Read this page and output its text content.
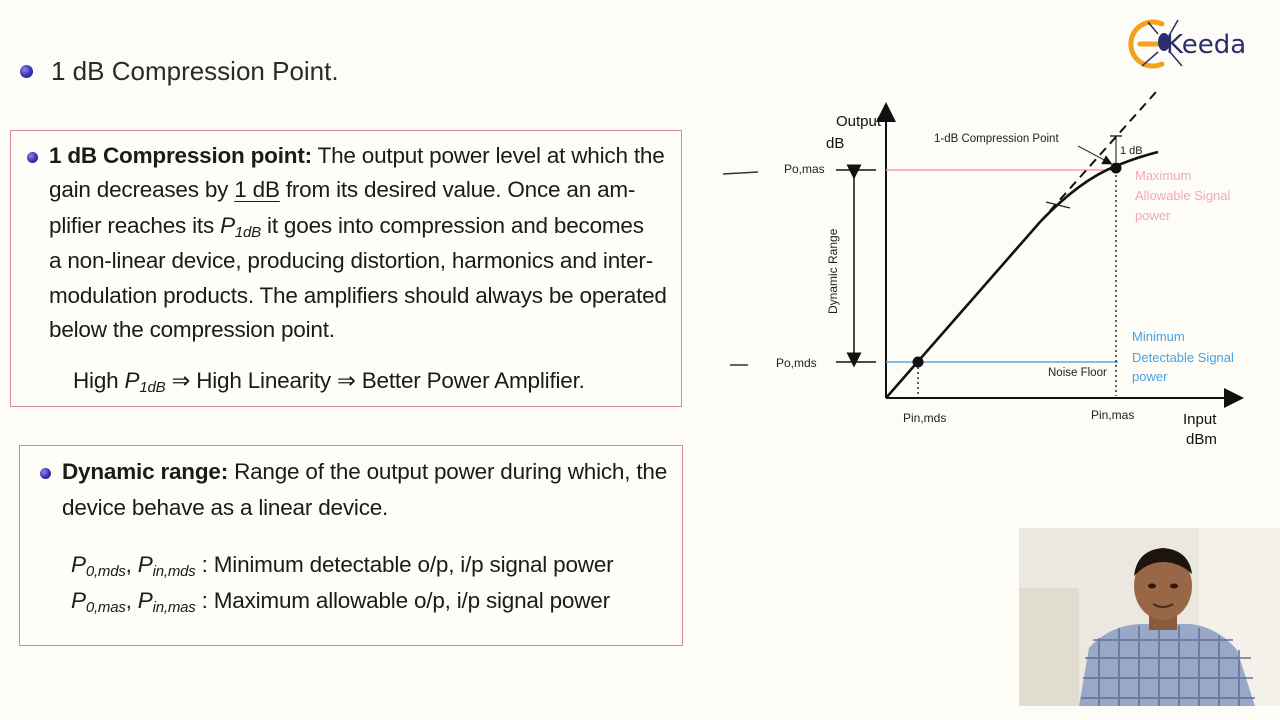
1 dB Compression Point.
1 dB Compression point: The output power level at which the
gain decreases by 1 dB from its desired value. Once an am-
plifier reaches its $P_{1dB}$ it goes into compression and becomes
a non-linear device, producing distortion, harmonics and inter-
modulation products. The amplifiers should always be operated
below the compression point.
High $P_{1dB}$ ⇒ High Linearity ⇒ Better Power Amplifier.
Dynamic range: Range of the output power during which, the
device behave as a linear device.
$P_{0,mds}$, $P_{in,mds}$ : Minimum detectable o/p, i/p signal power
$P_{0,mas}$, $P_{in,mas}$ : Maximum allowable o/p, i/p signal power
Output
dB
Input
dBm
Dynamic Range
Po,mas
Po,mds
Pin,mds	Pin,mas
1 dB
1-dB Compression Point
Noise Floor
Maximum
Allowable Signal
power
Minimum
Detectable Signal
power
Keeda
